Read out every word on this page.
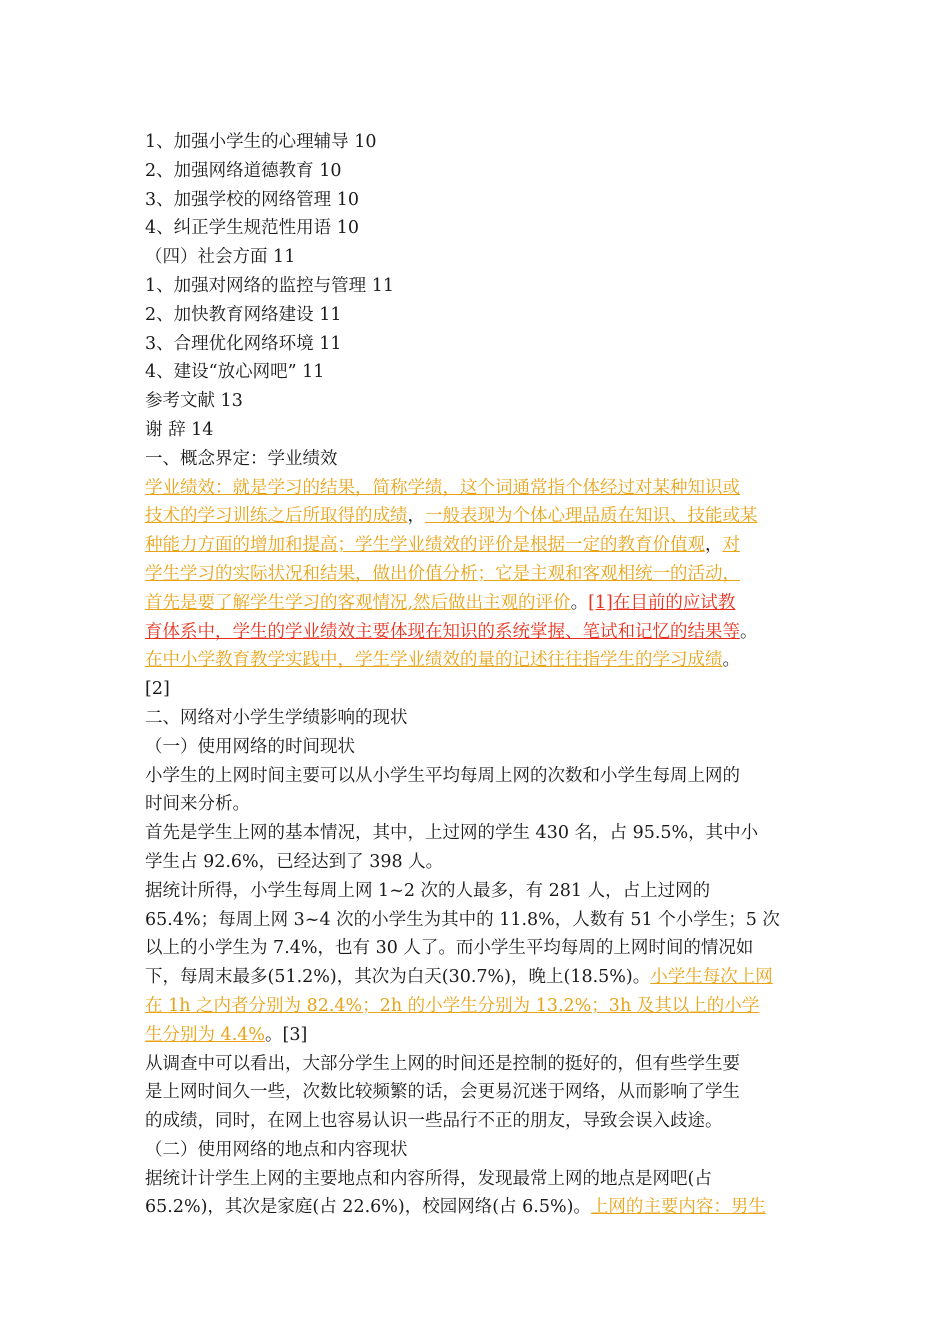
1、加强小学生的心理辅导 10
2、加强网络道德教育 10
3、加强学校的网络管理 10
4、纠正学生规范性用语 10
（四）社会方面 11
1、加强对网络的监控与管理 11
2、加快教育网络建设 11
3、合理优化网络环境 11
4、建设“放心网吧” 11
参考文献 13
谢 辞 14
一、概念界定：学业绩效
学业绩效：就是学习的结果，简称学绩，这个词通常指个体经过对某种知识或
技术的学习训练之后所取得的成绩，一般表现为个体心理品质在知识、技能或某
种能力方面的增加和提高；学生学业绩效的评价是根据一定的教育价值观，对
学生学习的实际状况和结果，做出价值分析；它是主观和客观相统一的活动，
首先是要了解学生学习的客观情况,然后做出主观的评价。[1]在目前的应试教
育体系中，学生的学业绩效主要体现在知识的系统掌握、笔试和记忆的结果等。
在中小学教育教学实践中，学生学业绩效的量的记述往往指学生的学习成绩。
[2]
二、网络对小学生学绩影响的现状
（一）使用网络的时间现状
小学生的上网时间主要可以从小学生平均每周上网的次数和小学生每周上网的
时间来分析。
首先是学生上网的基本情况，其中，上过网的学生 430 名，占 95.5%，其中小
学生占 92.6%，已经达到了 398 人。
据统计所得，小学生每周上网 1~2 次的人最多，有 281 人，占上过网的
65.4%；每周上网 3~4 次的小学生为其中的 11.8%，人数有 51 个小学生；5 次
以上的小学生为 7.4%，也有 30 人了。而小学生平均每周的上网时间的情况如
下，每周末最多(51.2%)，其次为白天(30.7%)，晚上(18.5%)。小学生每次上网
在 1h 之内者分别为 82.4%；2h 的小学生分别为 13.2%；3h 及其以上的小学
生分别为 4.4%。[3]
从调查中可以看出，大部分学生上网的时间还是控制的挺好的，但有些学生要
是上网时间久一些，次数比较频繁的话，会更易沉迷于网络，从而影响了学生
的成绩，同时，在网上也容易认识一些品行不正的朋友，导致会误入歧途。
（二）使用网络的地点和内容现状
据统计计学生上网的主要地点和内容所得，发现最常上网的地点是网吧(占
65.2%)，其次是家庭(占 22.6%)，校园网络(占 6.5%)。上网的主要内容：男生
